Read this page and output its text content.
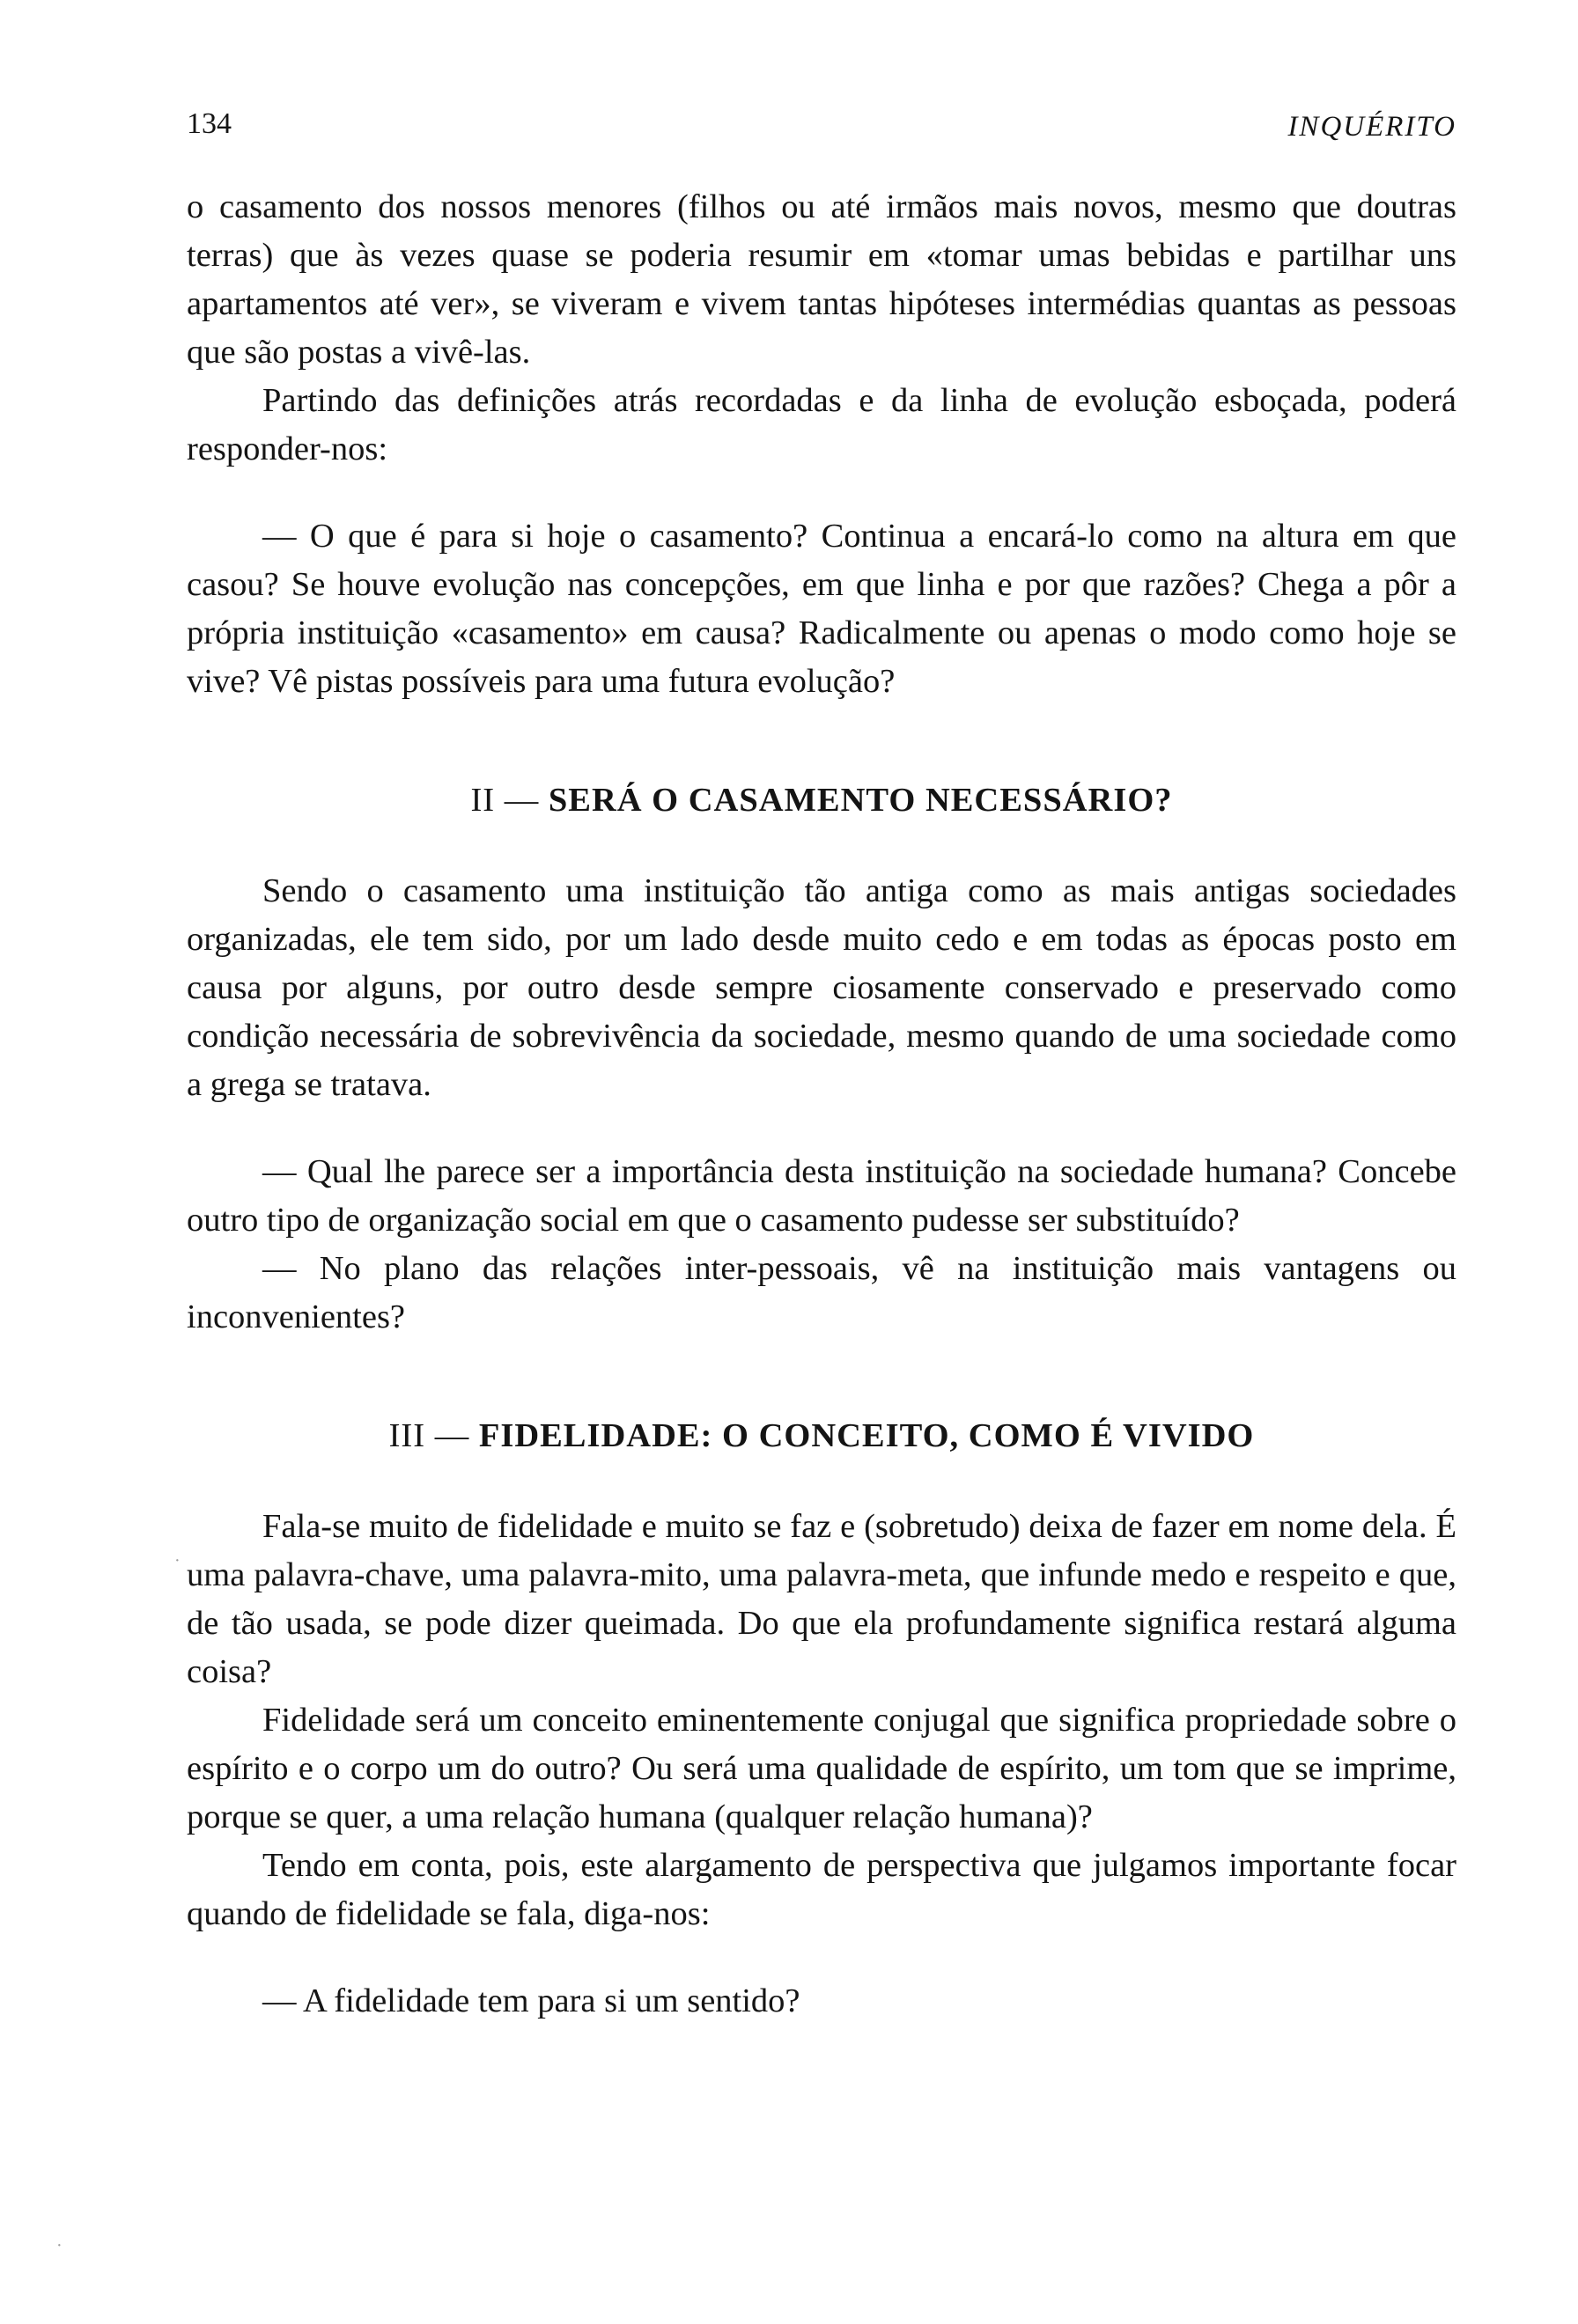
134	INQUÉRITO

o casamento dos nossos menores (filhos ou até irmãos mais novos, mesmo que doutras terras) que às vezes quase se poderia resumir em «tomar umas bebidas e partilhar uns apartamentos até ver», se viveram e vivem tantas hipóteses intermédias quantas as pessoas que são postas a vivê-las.

Partindo das definições atrás recordadas e da linha de evolução esboçada, poderá responder-nos:

— O que é para si hoje o casamento? Continua a encará-lo como na altura em que casou? Se houve evolução nas concepções, em que linha e por que razões? Chega a pôr a própria instituição «casamento» em causa? Radicalmente ou apenas o modo como hoje se vive? Vê pistas possíveis para uma futura evolução?

II — SERÁ O CASAMENTO NECESSÁRIO?

Sendo o casamento uma instituição tão antiga como as mais antigas sociedades organizadas, ele tem sido, por um lado desde muito cedo e em todas as épocas posto em causa por alguns, por outro desde sempre ciosamente conservado e preservado como condição necessária de sobrevivência da sociedade, mesmo quando de uma sociedade como a grega se tratava.

— Qual lhe parece ser a importância desta instituição na sociedade humana? Concebe outro tipo de organização social em que o casamento pudesse ser substituído?

— No plano das relações inter-pessoais, vê na instituição mais vantagens ou inconvenientes?

III — FIDELIDADE: O CONCEITO, COMO É VIVIDO

Fala-se muito de fidelidade e muito se faz e (sobretudo) deixa de fazer em nome dela. É uma palavra-chave, uma palavra-mito, uma palavra-meta, que infunde medo e respeito e que, de tão usada, se pode dizer queimada. Do que ela profundamente significa restará alguma coisa?

Fidelidade será um conceito eminentemente conjugal que significa propriedade sobre o espírito e o corpo um do outro? Ou será uma qualidade de espírito, um tom que se imprime, porque se quer, a uma relação humana (qualquer relação humana)?

Tendo em conta, pois, este alargamento de perspectiva que julgamos importante focar quando de fidelidade se fala, diga-nos:

— A fidelidade tem para si um sentido?

·
·
